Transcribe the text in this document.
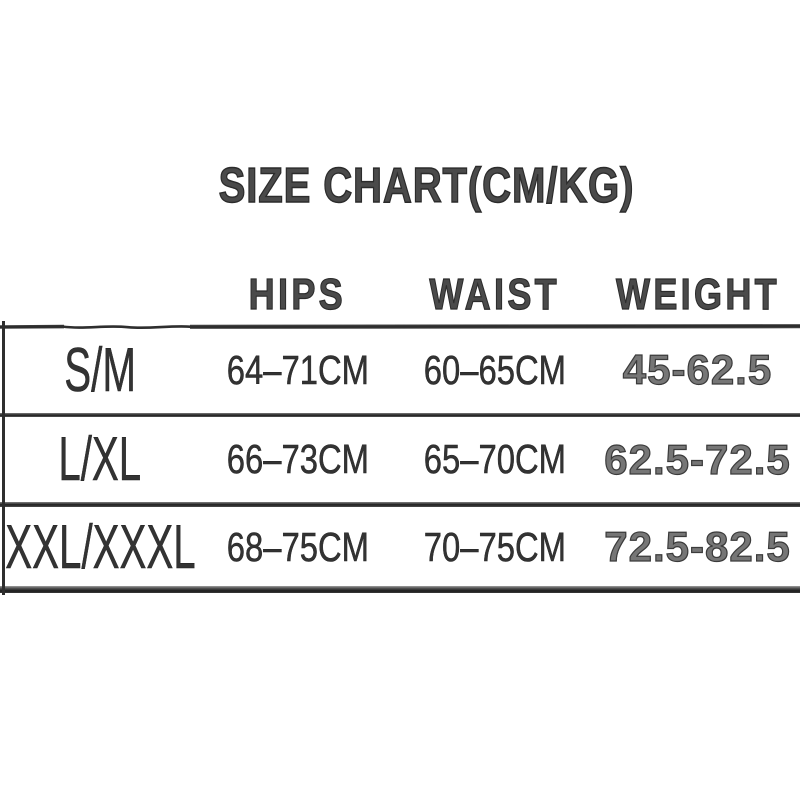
SIZE CHART(CM/KG)
HIPS WAIST WEIGHT
S/M 64–71CM 60–65CM 45-62.5
L/XL 66–73CM 65–70CM 62.5-72.5
XXL/XXXL 68–75CM 70–75CM 72.5-82.5
